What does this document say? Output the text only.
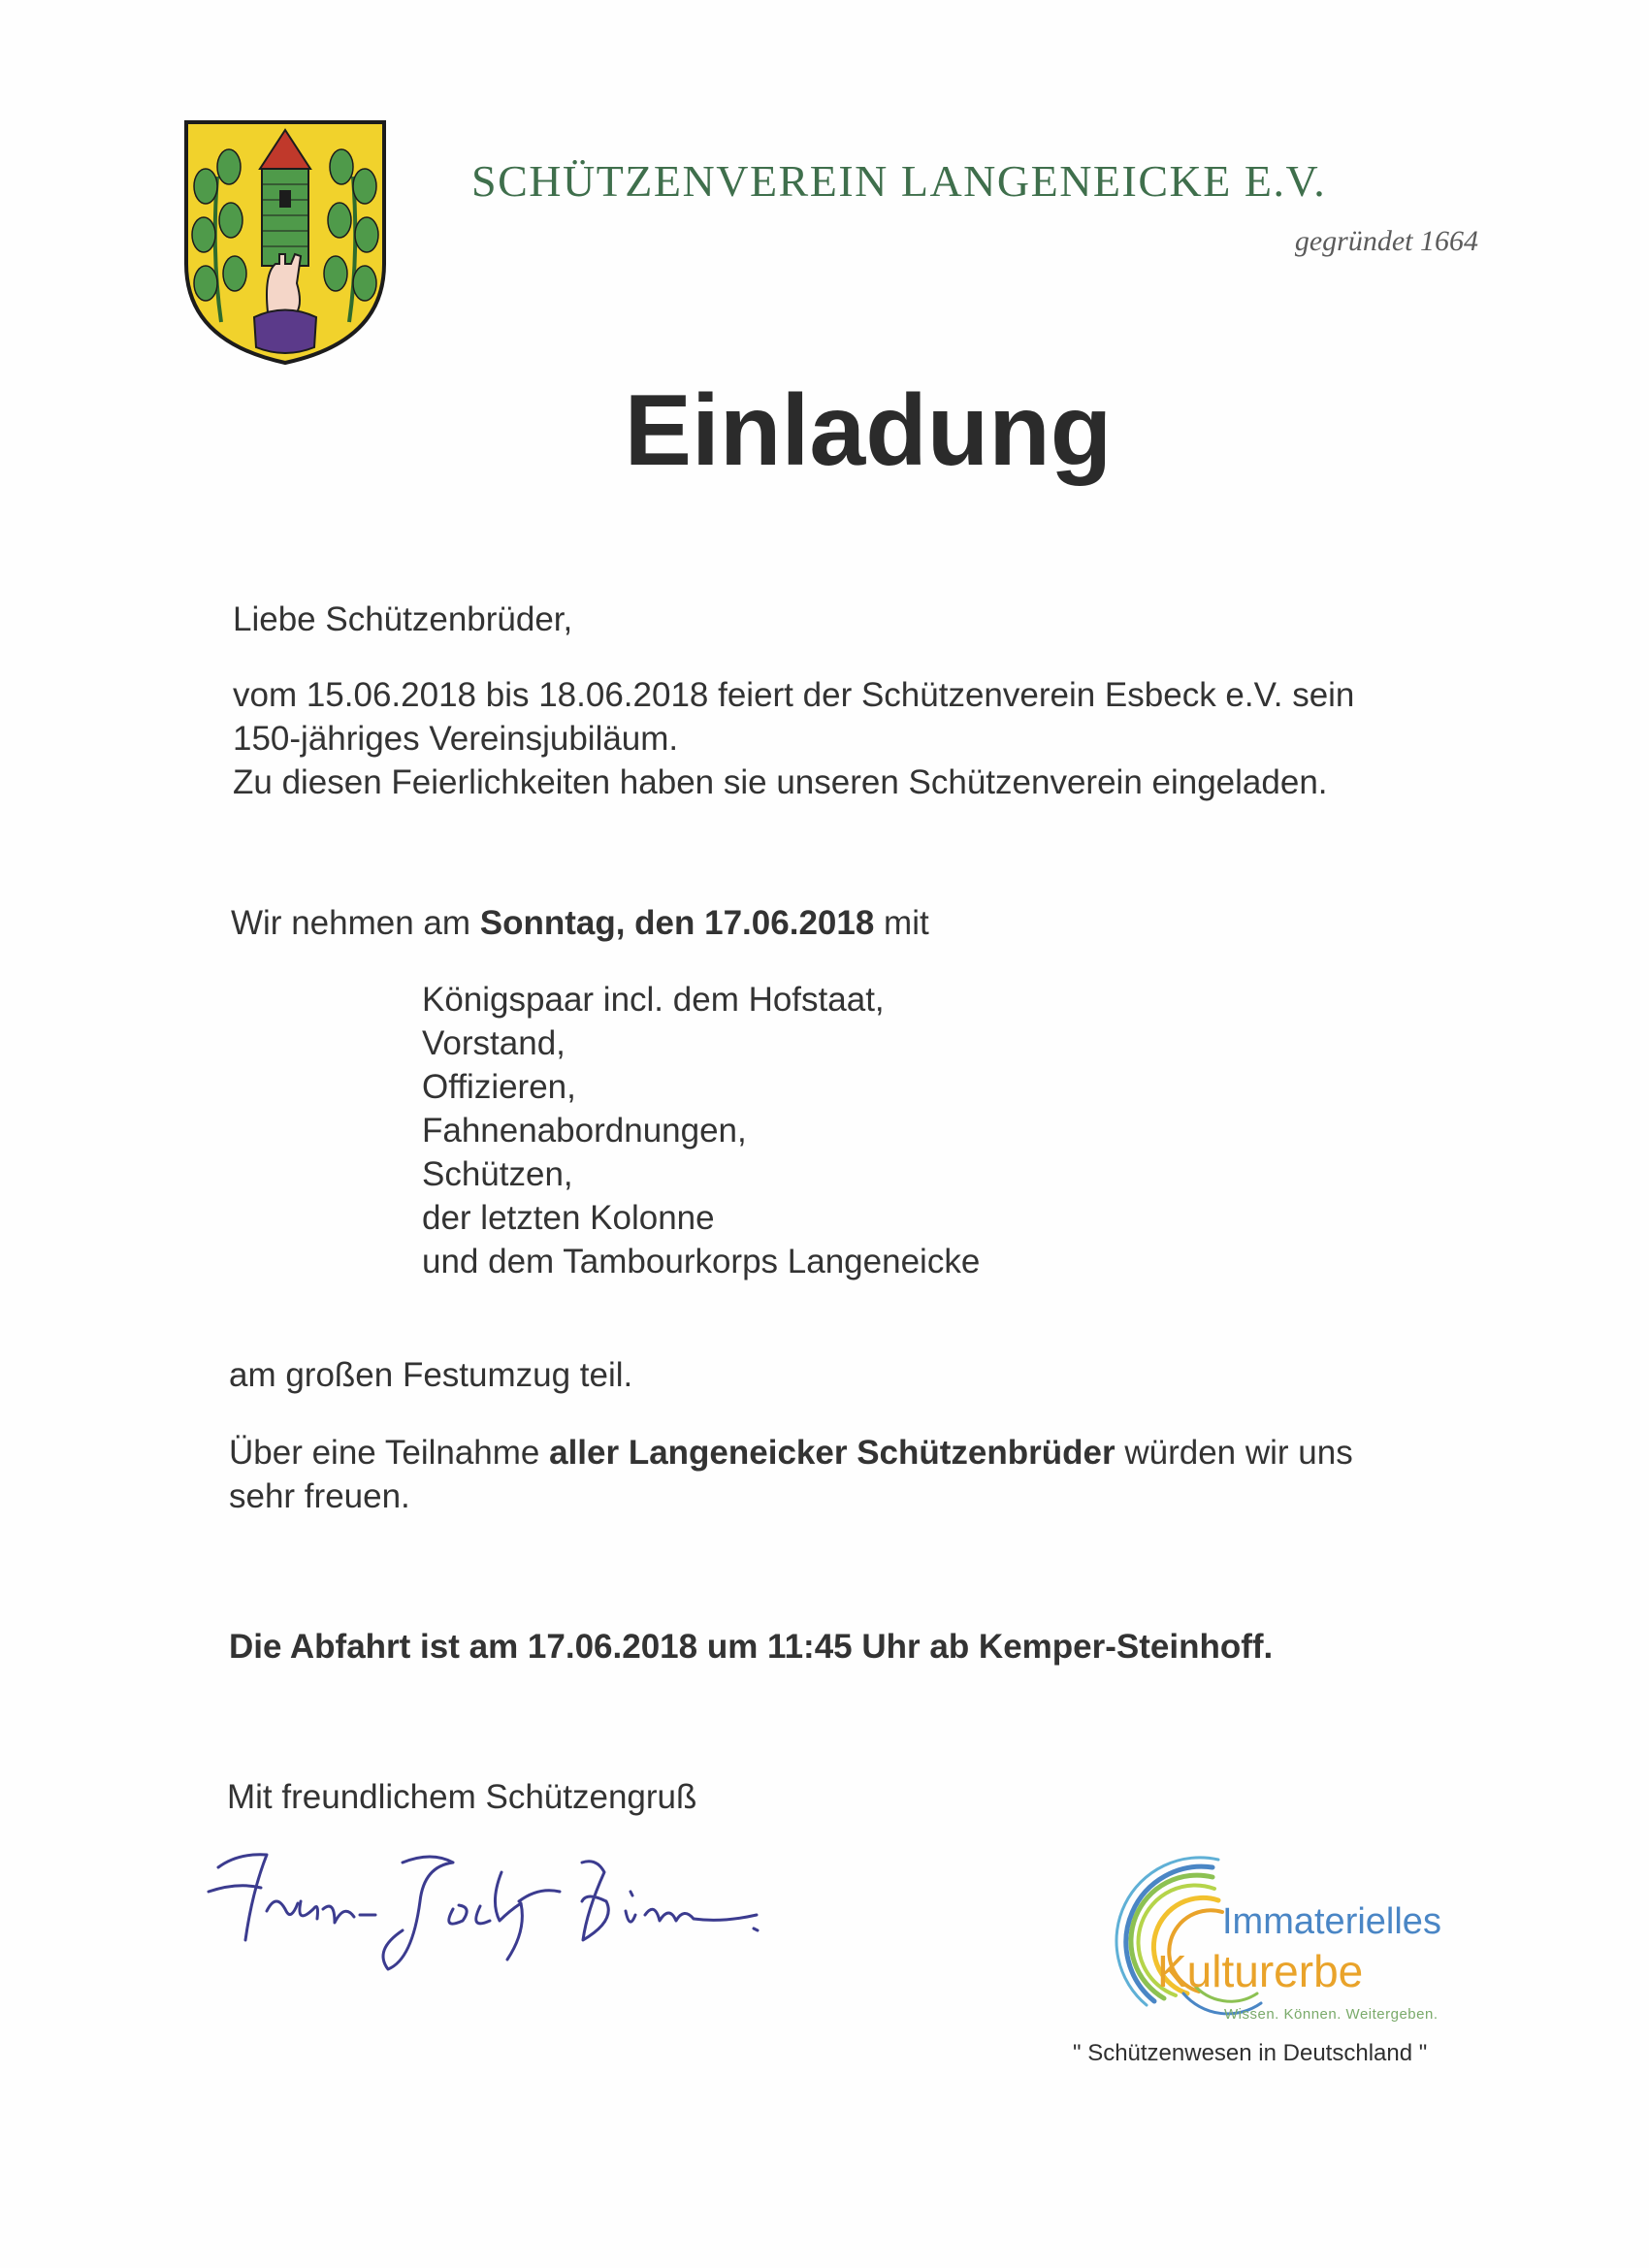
SCHÜTZENVEREIN LANGENEICKE E.V.
gegründet 1664
Einladung
Liebe Schützenbrüder,
vom 15.06.2018 bis 18.06.2018 feiert der Schützenverein Esbeck e.V. sein
150-jähriges Vereinsjubiläum.
Zu diesen Feierlichkeiten haben sie unseren Schützenverein eingeladen.
Wir nehmen am Sonntag, den 17.06.2018 mit
Königspaar incl. dem Hofstaat,
Vorstand,
Offizieren,
Fahnenabordnungen,
Schützen,
der letzten Kolonne
und dem Tambourkorps Langeneicke
am großen Festumzug teil.
Über eine Teilnahme aller Langeneicker Schützenbrüder würden wir uns
sehr freuen.
Die Abfahrt ist am 17.06.2018 um 11:45 Uhr ab Kemper-Steinhoff.
Mit freundlichem Schützengruß
Immaterielles
Kulturerbe
Wissen. Können. Weitergeben.
" Schützenwesen in Deutschland "
